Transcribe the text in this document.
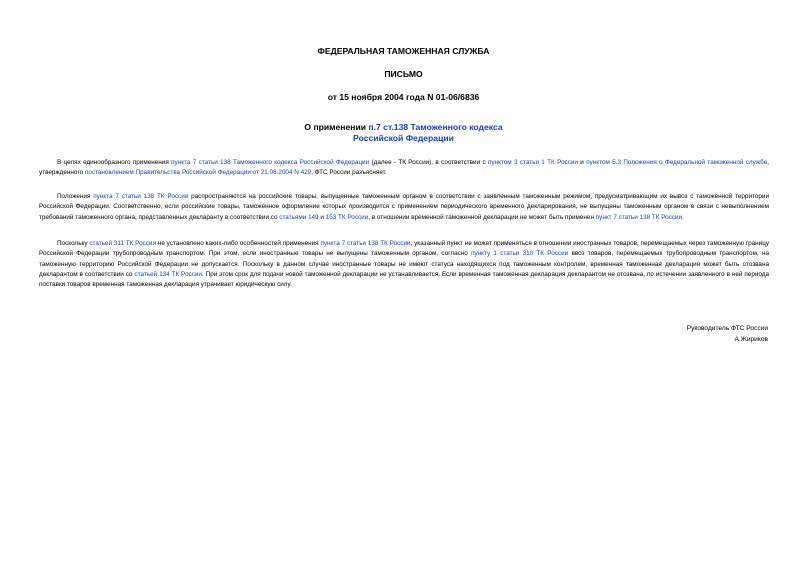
ФЕДЕРАЛЬНАЯ ТАМОЖЕННАЯ СЛУЖБА
ПИСЬМО
от 15 ноября 2004 года N 01-06/6836
О применении п.7 ст.138 Таможенного кодекса
Российской Федерации

В целях единообразного применения пункта 7 статьи 138 Таможенного кодекса Российской Федерации (далее - ТК России), в соответствии с пунктом 3 статьи 1 ТК России и пунктом 5.3 Положения о Федеральной таможенной службе, утвержденного постановлением Правительства Российской Федерации от 21.08.2004 N 429, ФТС России разъясняет.

Положения пункта 7 статьи 138 ТК России распространяются на российские товары, выпущенные таможенным органом в соответствии с заявленным таможенным режимом, предусматривающим их вывоз с таможенной территории Российской Федерации. Соответственно, если российские товары, таможенное оформление которых производится с применением периодического временного декларирования, не выпущены таможенным органом в связи с невыполнением требований таможенного органа, представленных декларанту в соответствии со статьями 149 и 153 ТК России, в отношении временной таможенной декларации не может быть применен пункт 7 статьи 138 ТК России.

Поскольку статьей 311 ТК России не установлено каких-либо особенностей применения пункта 7 статьи 138 ТК России, указанный пункт не может применяться в отношении иностранных товаров, перемещаемых через таможенную границу Российской Федерации трубопроводным транспортом. При этом, если иностранные товары не выпущены таможенным органом, согласно пункту 1 статьи 310 ТК России ввоз товаров, перемещаемых трубопроводным транспортом, на таможенную территорию Российской Федерации не допускается. Поскольку в данном случае иностранные товары не имеют статуса находящихся под таможенным контролем, временная таможенная декларация может быть отозвана декларантом в соответствии со статьей 134 ТК России. При этом срок для подачи новой таможенной декларации не устанавливается. Если временная таможенная декларация декларантом не отозвана, по истечении заявленного в ней периода поставки товаров временная таможенная декларация утрачивает юридическую силу.

Руководитель ФТС России
А.Жириков
